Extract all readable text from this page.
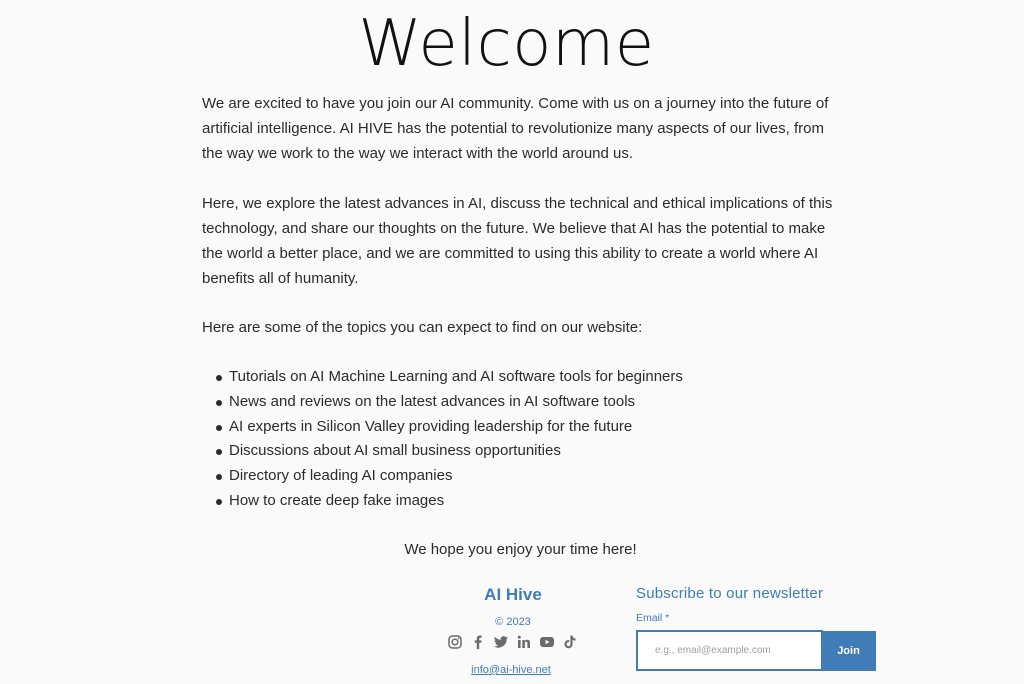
Welcome

We are excited to have you join our AI community. Come with us on a journey into the future of artificial intelligence. AI HIVE has the potential to revolutionize many aspects of our lives, from the way we work to the way we interact with the world around us.

Here, we explore the latest advances in AI, discuss the technical and ethical implications of this technology, and share our thoughts on the future. We believe that AI has the potential to make the world a better place, and we are committed to using this ability to create a world where AI benefits all of humanity.

Here are some of the topics you can expect to find on our website:

Tutorials on AI Machine Learning and AI software tools for beginners
News and reviews on the latest advances in AI software tools
AI experts in Silicon Valley providing leadership for the future
Discussions about AI small business opportunities
Directory of leading AI companies
How to create deep fake images

We hope you enjoy your time here!

AI Hive
© 2023
info@ai-hive.net
Subscribe to our newsletter
Email *
e.g., email@example.com
Join
